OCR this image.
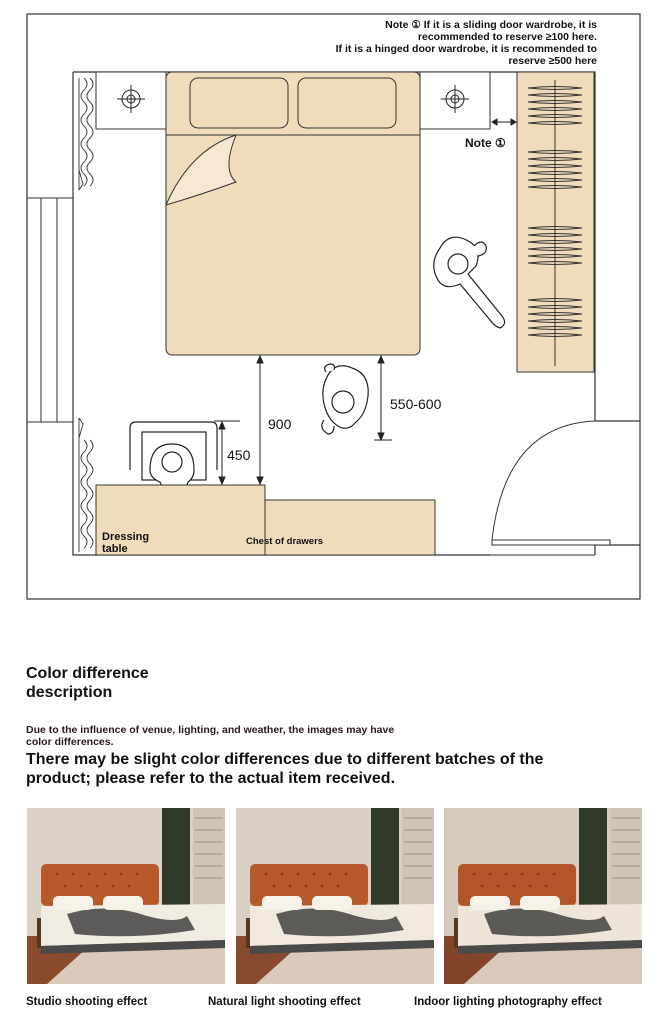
Note ① If it is a sliding door wardrobe, it is
recommended to reserve ≥100 here.
If it is a hinged door wardrobe, it is recommended to
reserve ≥500 here
Note ①
900
550-600
450
Dressing
table
Chest of drawers
Color difference
description
Due to the influence of venue, lighting, and weather, the images may have color differences.
There may be slight color differences due to different batches of the product; please refer to the actual item received.
Studio shooting effect	Natural light shooting effect	Indoor lighting photography effect
